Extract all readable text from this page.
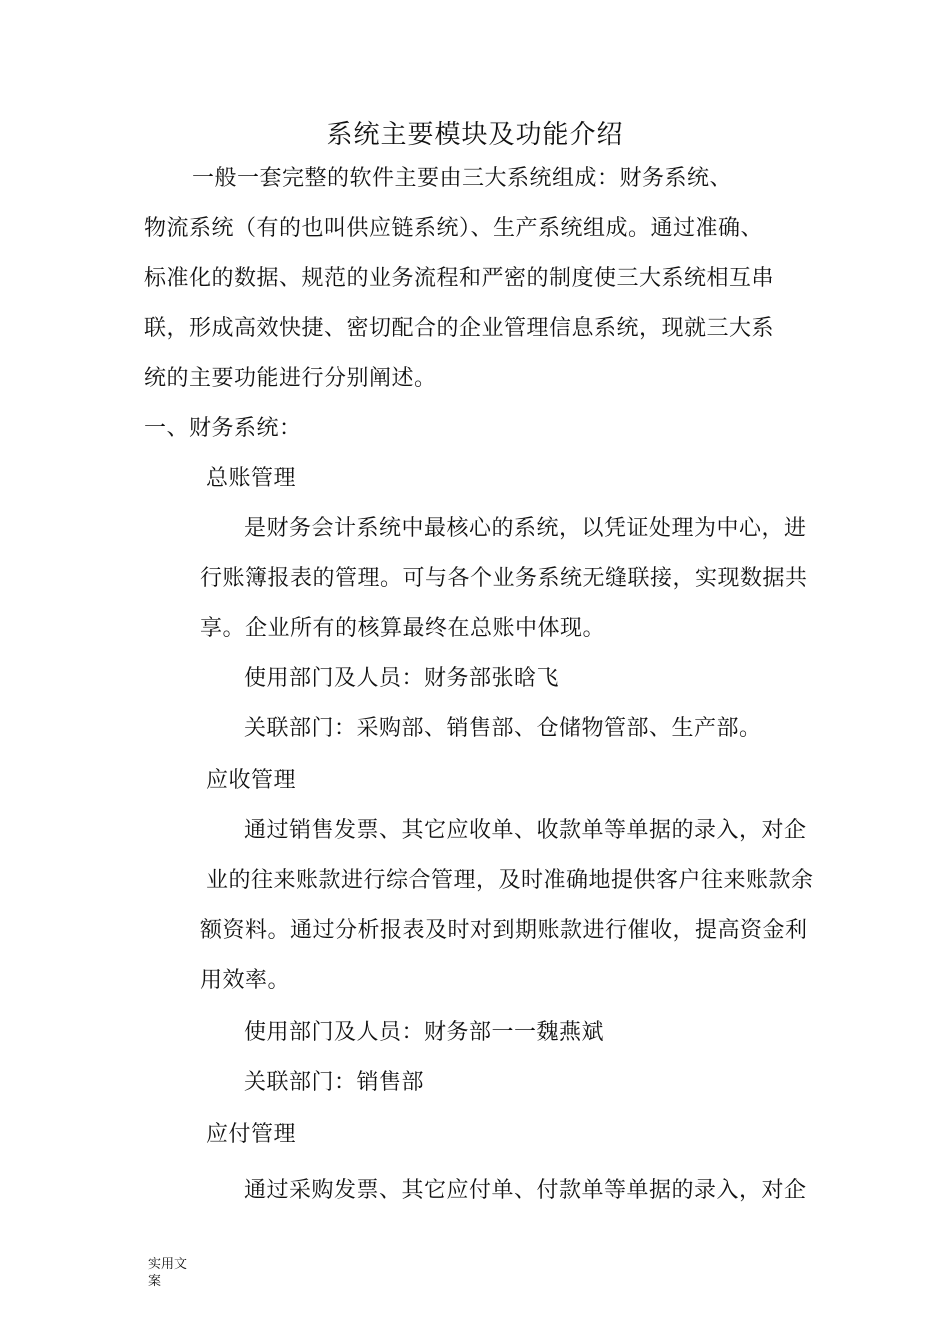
系统主要模块及功能介绍
一般一套完整的软件主要由三大系统组成：财务系统、
物流系统（有的也叫供应链系统）、生产系统组成。通过准确、
标准化的数据、规范的业务流程和严密的制度使三大系统相互串
联，形成高效快捷、密切配合的企业管理信息系统，现就三大系
统的主要功能进行分别阐述。
一、财务系统：
总账管理
是财务会计系统中最核心的系统，以凭证处理为中心，进
行账簿报表的管理。可与各个业务系统无缝联接，实现数据共
享。企业所有的核算最终在总账中体现。
使用部门及人员：财务部张晗飞
关联部门：采购部、销售部、仓储物管部、生产部。
应收管理
通过销售发票、其它应收单、收款单等单据的录入，对企
业的往来账款进行综合管理，及时准确地提供客户往来账款余
额资料。通过分析报表及时对到期账款进行催收，提高资金利
用效率。
使用部门及人员：财务部一一魏燕斌
关联部门：销售部
应付管理
通过采购发票、其它应付单、付款单等单据的录入，对企
实用文案
